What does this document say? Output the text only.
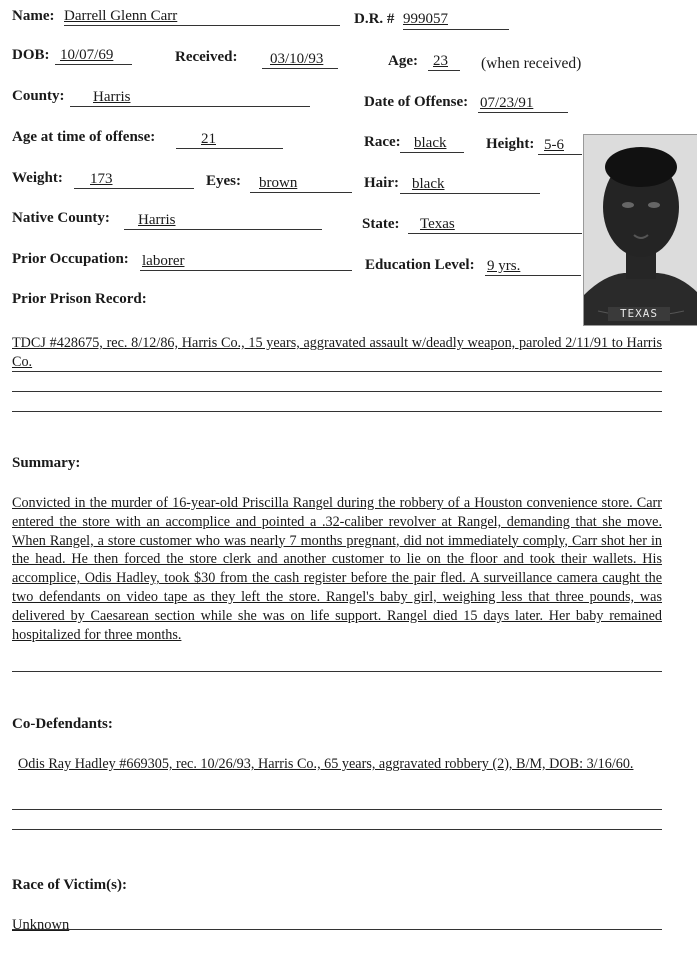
Name: Darrell Glenn Carr	D.R. # 999057
DOB: 10/07/69	Received: 03/10/93	Age: 23 (when received)
County: Harris	Date of Offense: 07/23/91
Age at time of offense:	21	Race: black	Height: 5-6
Weight: 173	Eyes: brown	Hair: black
Native County: Harris	State: Texas
Prior Occupation: laborer	Education Level: 9 yrs.
TEXAS
Prior Prison Record:
TDCJ #428675, rec. 8/12/86, Harris Co., 15 years, aggravated assault w/deadly weapon, paroled 2/11/91 to Harris Co.
Summary:
Convicted in the murder of 16-year-old Priscilla Rangel during the robbery of a Houston convenience store. Carr entered the store with an accomplice and pointed a .32-caliber revolver at Rangel, demanding that she move. When Rangel, a store customer who was nearly 7 months pregnant, did not immediately comply, Carr shot her in the head. He then forced the store clerk and another customer to lie on the floor and took their wallets. His accomplice, Odis Hadley, took $30 from the cash register before the pair fled. A surveillance camera caught the two defendants on video tape as they left the store. Rangel's baby girl, weighing less that three pounds, was delivered by Caesarean section while she was on life support. Rangel died 15 days later. Her baby remained hospitalized for three months.
Co-Defendants:
Odis Ray Hadley #669305, rec. 10/26/93, Harris Co., 65 years, aggravated robbery (2), B/M, DOB: 3/16/60.
Race of Victim(s):
Unknown
